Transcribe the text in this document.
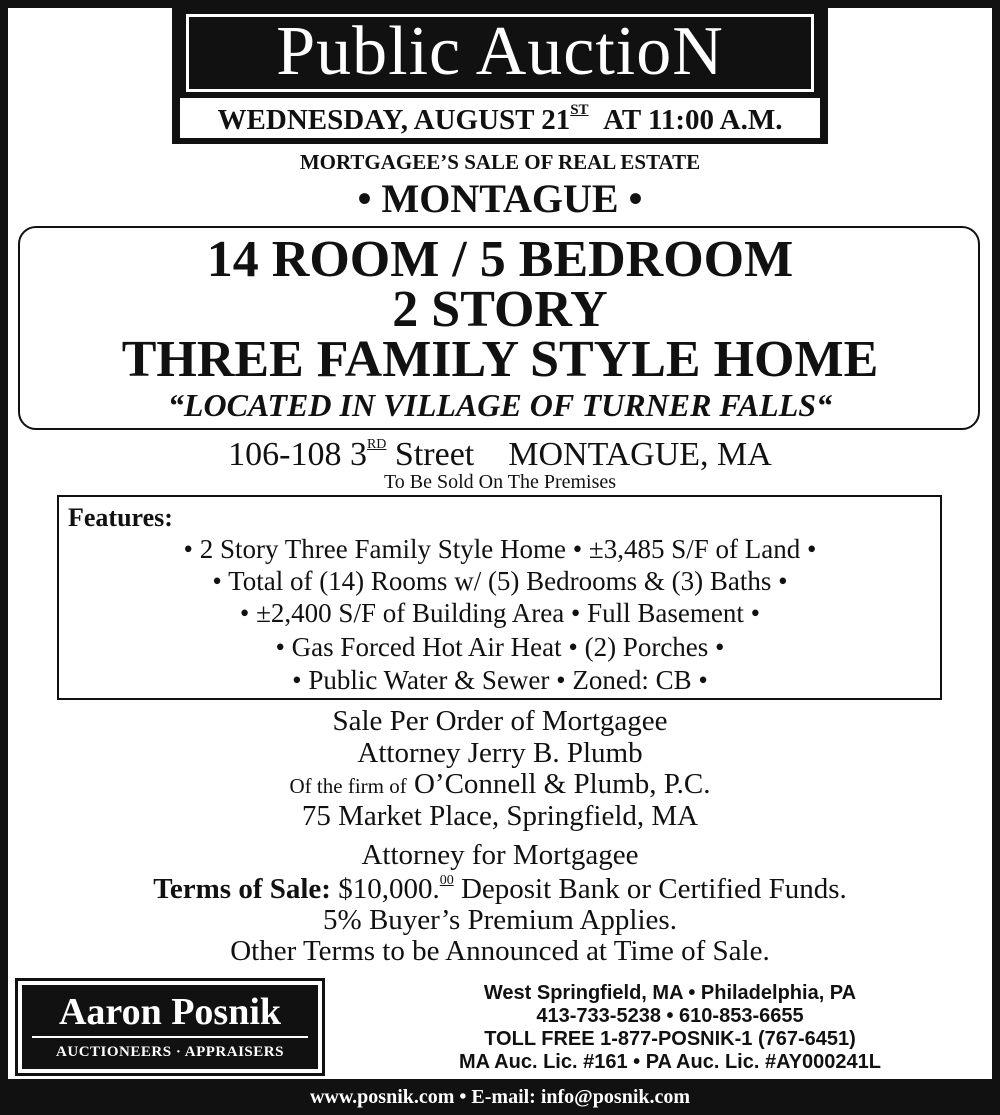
Public AuctioN
WEDNESDAY, AUGUST 21ST AT 11:00 A.M.
MORTGAGEE’S SALE OF REAL ESTATE
• MONTAGUE •
14 ROOM / 5 BEDROOM
2 STORY
THREE FAMILY STYLE HOME
“LOCATED IN VILLAGE OF TURNER FALLS“
106-108 3RD Street MONTAGUE, MA
To Be Sold On The Premises
Features:
• 2 Story Three Family Style Home • ±3,485 S/F of Land •
• Total of (14) Rooms w/ (5) Bedrooms & (3) Baths •
• ±2,400 S/F of Building Area • Full Basement •
• Gas Forced Hot Air Heat • (2) Porches •
• Public Water & Sewer • Zoned: CB •
Sale Per Order of Mortgagee
Attorney Jerry B. Plumb
Of the firm of O’Connell & Plumb, P.C.
75 Market Place, Springfield, MA
Attorney for Mortgagee
Terms of Sale: $10,000.00 Deposit Bank or Certified Funds.
5% Buyer’s Premium Applies.
Other Terms to be Announced at Time of Sale.
Aaron Posnik
AUCTIONEERS · APPRAISERS
West Springfield, MA • Philadelphia, PA
413-733-5238 • 610-853-6655
TOLL FREE 1-877-POSNIK-1 (767-6451)
MA Auc. Lic. #161 • PA Auc. Lic. #AY000241L
www.posnik.com • E-mail: info@posnik.com
